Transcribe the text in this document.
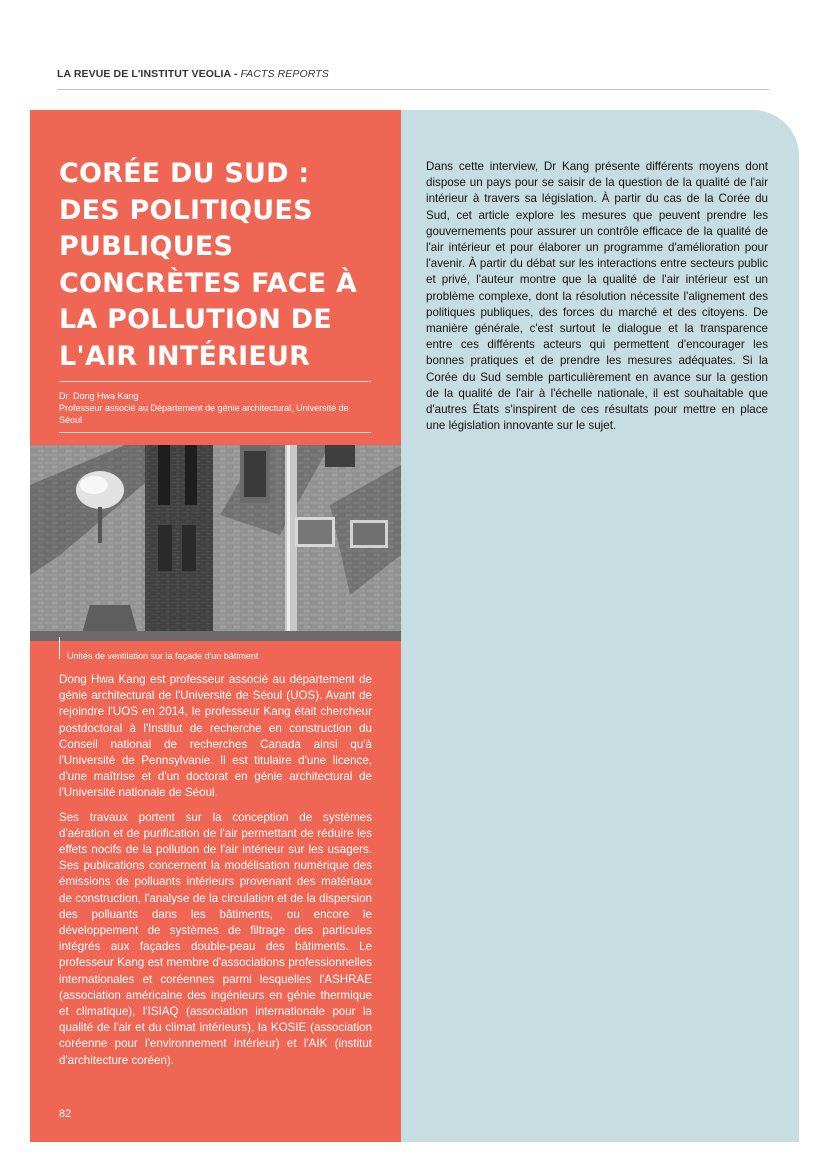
LA REVUE DE L'INSTITUT VEOLIA - FACTS REPORTS
CORÉE DU SUD : DES POLITIQUES PUBLIQUES CONCRÈTES FACE À LA POLLUTION DE L'AIR INTÉRIEUR
Dr. Dong Hwa Kang
Professeur associé au Département de génie architectural, Université de Séoul
Unités de ventilation sur la façade d'un bâtiment

Dong Hwa Kang est professeur associé au département de génie architectural de l'Université de Séoul (UOS). Avant de rejoindre l'UOS en 2014, le professeur Kang était chercheur postdoctoral à l'Institut de recherche en construction du Conseil national de recherches Canada ainsi qu'à l'Université de Pennsylvanie. Il est titulaire d'une licence, d'une maîtrise et d'un doctorat en génie architectural de l'Université nationale de Séoul.

Ses travaux portent sur la conception de systèmes d'aération et de purification de l'air permettant de réduire les effets nocifs de la pollution de l'air intérieur sur les usagers. Ses publications concernent la modélisation numérique des émissions de polluants intérieurs provenant des matériaux de construction, l'analyse de la circulation et de la dispersion des polluants dans les bâtiments, ou encore le développement de systèmes de filtrage des particules intégrés aux façades double-peau des bâtiments. Le professeur Kang est membre d'associations professionnelles internationales et coréennes parmi lesquelles l'ASHRAE (association américaine des ingénieurs en génie thermique et climatique), l'ISIAQ (association internationale pour la qualité de l'air et du climat intérieurs), la KOSIE (association coréenne pour l'environnement intérieur) et l'AIK (institut d'architecture coréen).

82

Dans cette interview, Dr Kang présente différents moyens dont dispose un pays pour se saisir de la question de la qualité de l'air intérieur à travers sa législation. À partir du cas de la Corée du Sud, cet article explore les mesures que peuvent prendre les gouvernements pour assurer un contrôle efficace de la qualité de l'air intérieur et pour élaborer un programme d'amélioration pour l'avenir. À partir du débat sur les interactions entre secteurs public et privé, l'auteur montre que la qualité de l'air intérieur est un problème complexe, dont la résolution nécessite l'alignement des politiques publiques, des forces du marché et des citoyens. De manière générale, c'est surtout le dialogue et la transparence entre ces différents acteurs qui permettent d'encourager les bonnes pratiques et de prendre les mesures adéquates. Si la Corée du Sud semble particulièrement en avance sur la gestion de la qualité de l'air à l'échelle nationale, il est souhaitable que d'autres États s'inspirent de ces résultats pour mettre en place une législation innovante sur le sujet.
